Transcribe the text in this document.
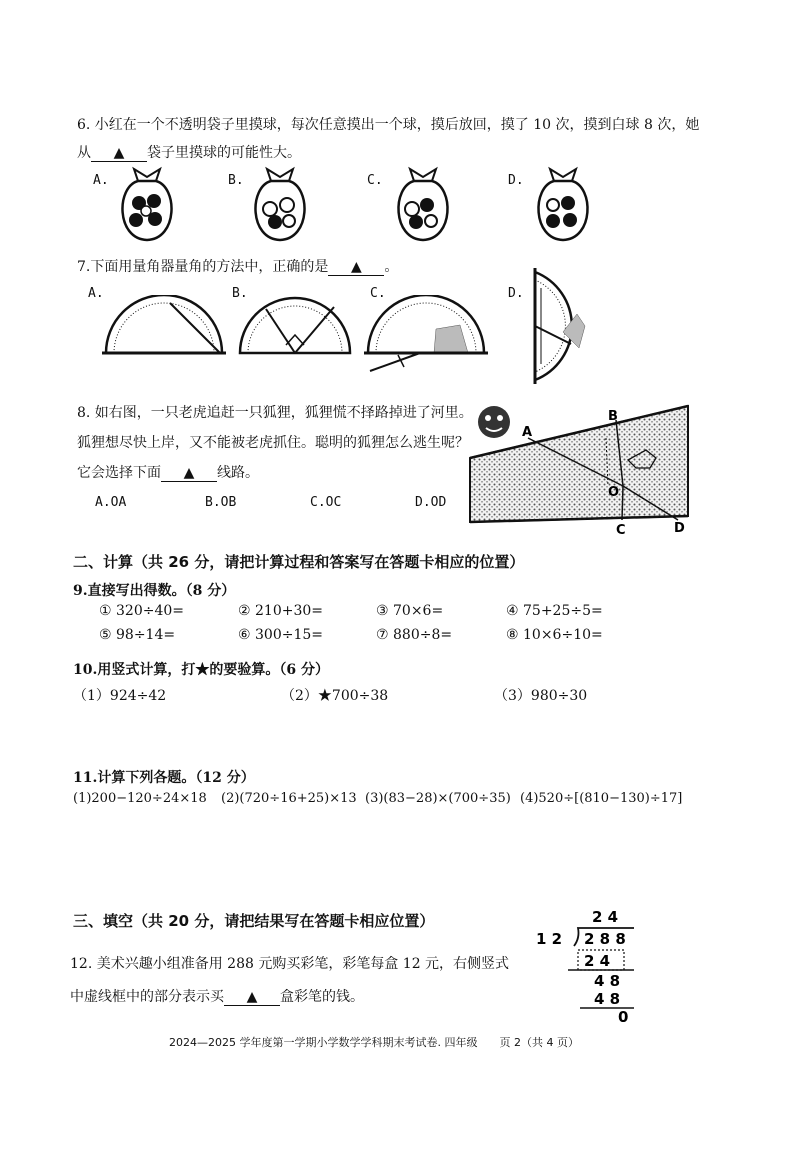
6. 小红在一个不透明袋子里摸球，每次任意摸出一个球，摸后放回，摸了 10 次，摸到白球 8 次，她
从 ▲ 袋子里摸球的可能性大。
A.	B.	C.	D.
7.下面用量角器量角的方法中，正确的是 ▲ 。
A.	B.	C.	D.
8. 如右图，一只老虎追赶一只狐狸，狐狸慌不择路掉进了河里。
狐狸想尽快上岸，又不能被老虎抓住。聪明的狐狸怎么逃生呢？
它会选择下面 ▲ 线路。
A.OA	B.OB	C.OC	D.OD
A
B
O
C	D
二、计算（共 26 分，请把计算过程和答案写在答题卡相应的位置）
9.直接写出得数。（8 分）
① 320÷40=	② 210+30=	③ 70×6=	④ 75+25÷5=
⑤ 98÷14=	⑥ 300÷15=	⑦ 880÷8=	⑧ 10×6÷10=
10.用竖式计算，打★的要验算。（6 分）
（1）924÷42	（2）★700÷38	（3）980÷30
11.计算下列各题。（12 分）
(1)200−120÷24×18 (2)(720÷16+25)×13 (3)(83−28)×(700÷35) (4)520÷[(810−130)÷17]
三、填空（共 20 分，请把结果写在答题卡相应位置）
12. 美术兴趣小组准备用 288 元购买彩笔，彩笔每盒 12 元，右侧竖式
中虚线框中的部分表示买 ▲ 盒彩笔的钱。
2 4
1 2 2 8 8
2 4
4 8
4 8
0
2024—2025 学年度第一学期小学数学学科期末考试卷. 四年级　　页 2（共 4 页）
